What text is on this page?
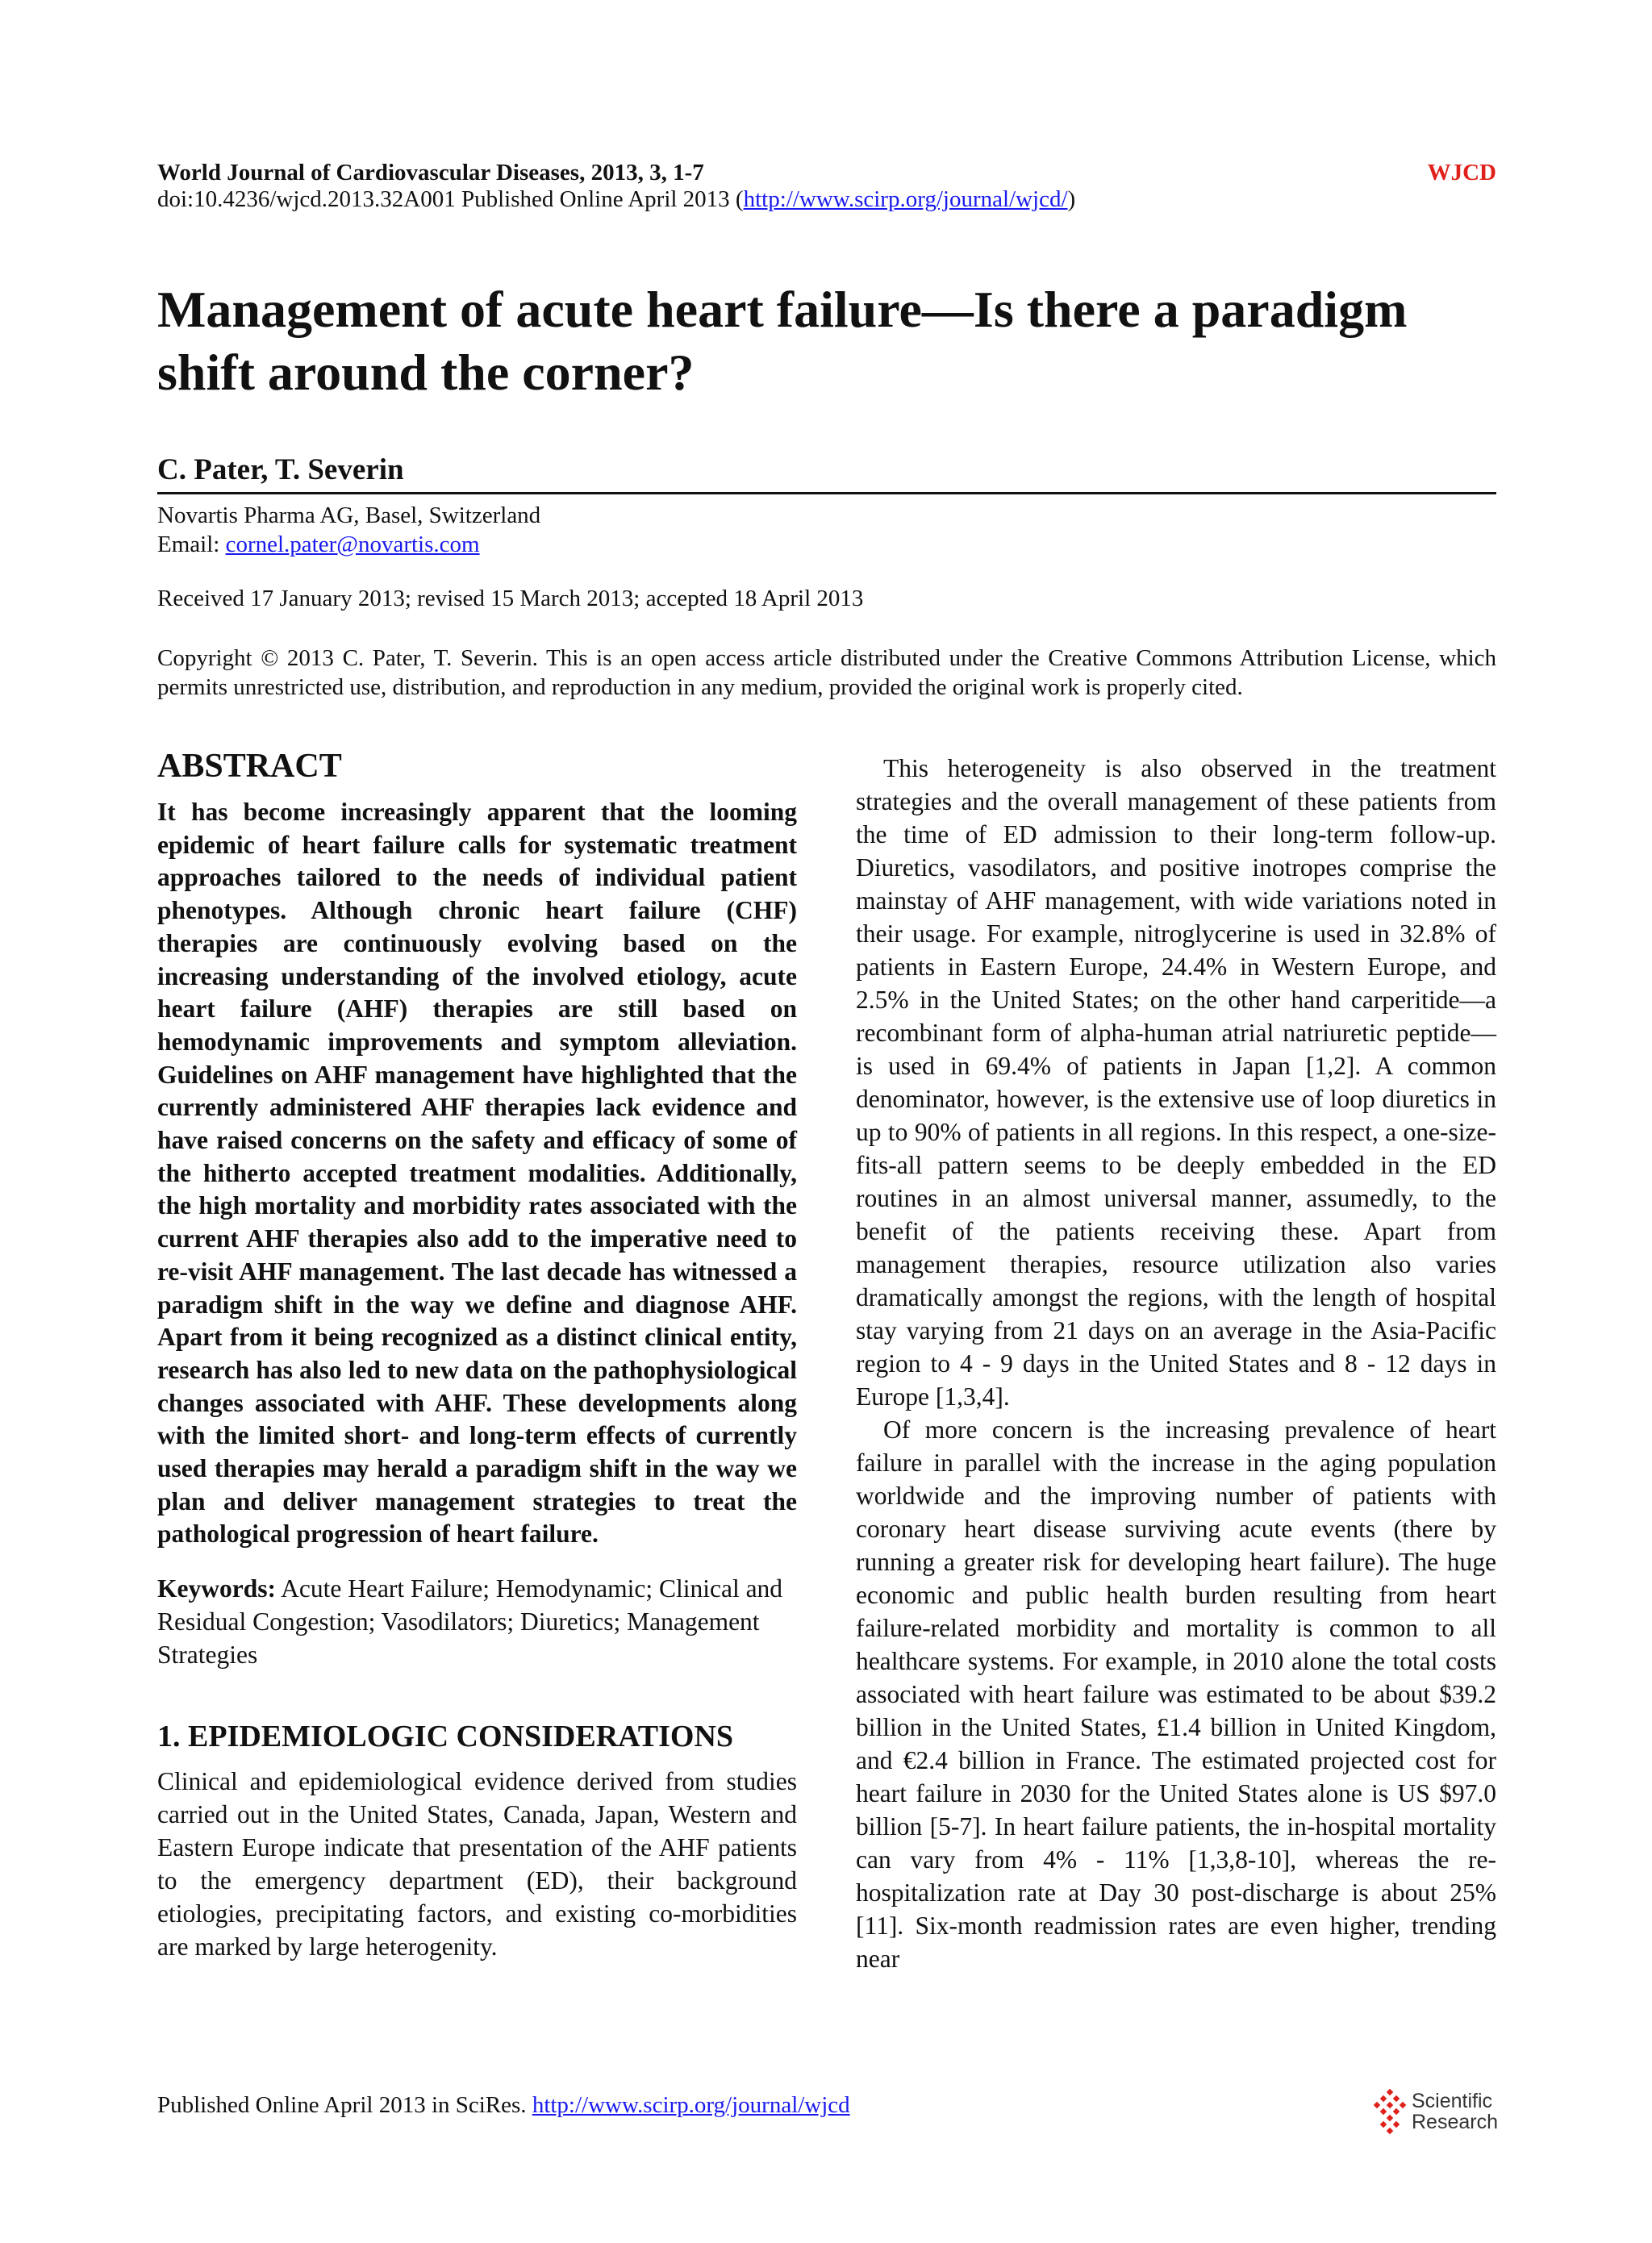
World Journal of Cardiovascular Diseases, 2013, 3, 1-7	WJCD
doi:10.4236/wjcd.2013.32A001 Published Online April 2013 (http://www.scirp.org/journal/wjcd/)
Management of acute heart failure—Is there a paradigm
shift around the corner?
C. Pater, T. Severin
Novartis Pharma AG, Basel, Switzerland
Email: cornel.pater@novartis.com
Received 17 January 2013; revised 15 March 2013; accepted 18 April 2013
Copyright © 2013 C. Pater, T. Severin. This is an open access article distributed under the Creative Commons Attribution License, which permits unrestricted use, distribution, and reproduction in any medium, provided the original work is properly cited.
ABSTRACT

It has become increasingly apparent that the looming epidemic of heart failure calls for systematic treatment approaches tailored to the needs of individual patient phenotypes. Although chronic heart failure (CHF) therapies are continuously evolving based on the increasing understanding of the involved etiology, acute heart failure (AHF) therapies are still based on hemodynamic improvements and symptom alleviation. Guidelines on AHF management have highlighted that the currently administered AHF therapies lack evidence and have raised concerns on the safety and efficacy of some of the hitherto accepted treatment modalities. Additionally, the high mortality and morbidity rates associated with the current AHF therapies also add to the imperative need to re-visit AHF management. The last decade has witnessed a paradigm shift in the way we define and diagnose AHF. Apart from it being recognized as a distinct clinical entity, research has also led to new data on the pathophysiological changes associated with AHF. These developments along with the limited short- and long-term effects of currently used therapies may herald a paradigm shift in the way we plan and deliver management strategies to treat the pathological progression of heart failure.

Keywords: Acute Heart Failure; Hemodynamic; Clinical and Residual Congestion; Vasodilators; Diuretics; Management Strategies

1. EPIDEMIOLOGIC CONSIDERATIONS

Clinical and epidemiological evidence derived from studies carried out in the United States, Canada, Japan, Western and Eastern Europe indicate that presentation of the AHF patients to the emergency department (ED), their background etiologies, precipitating factors, and existing co-morbidities are marked by large heterogenity.

This heterogeneity is also observed in the treatment strategies and the overall management of these patients from the time of ED admission to their long-term follow-up. Diuretics, vasodilators, and positive inotropes comprise the mainstay of AHF management, with wide variations noted in their usage. For example, nitroglycerine is used in 32.8% of patients in Eastern Europe, 24.4% in Western Europe, and 2.5% in the United States; on the other hand carperitide—a recombinant form of alpha-human atrial natriuretic peptide—is used in 69.4% of patients in Japan [1,2]. A common denominator, however, is the extensive use of loop diuretics in up to 90% of patients in all regions. In this respect, a one-size-fits-all pattern seems to be deeply embedded in the ED routines in an almost universal manner, assumedly, to the benefit of the patients receiving these. Apart from management therapies, resource utilization also varies dramatically amongst the regions, with the length of hospital stay varying from 21 days on an average in the Asia-Pacific region to 4 - 9 days in the United States and 8 - 12 days in Europe [1,3,4].

Of more concern is the increasing prevalence of heart failure in parallel with the increase in the aging population worldwide and the improving number of patients with coronary heart disease surviving acute events (there by running a greater risk for developing heart failure). The huge economic and public health burden resulting from heart failure-related morbidity and mortality is common to all healthcare systems. For example, in 2010 alone the total costs associated with heart failure was estimated to be about $39.2 billion in the United States, £1.4 billion in United Kingdom, and €2.4 billion in France. The estimated projected cost for heart failure in 2030 for the United States alone is US $97.0 billion [5-7]. In heart failure patients, the in-hospital mortality can vary from 4% - 11% [1,3,8-10], whereas the re-hospitalization rate at Day 30 post-discharge is about 25% [11]. Six-month readmission rates are even higher, trending near

Published Online April 2013 in SciRes. http://www.scirp.org/journal/wjcd	Scientific
Research
